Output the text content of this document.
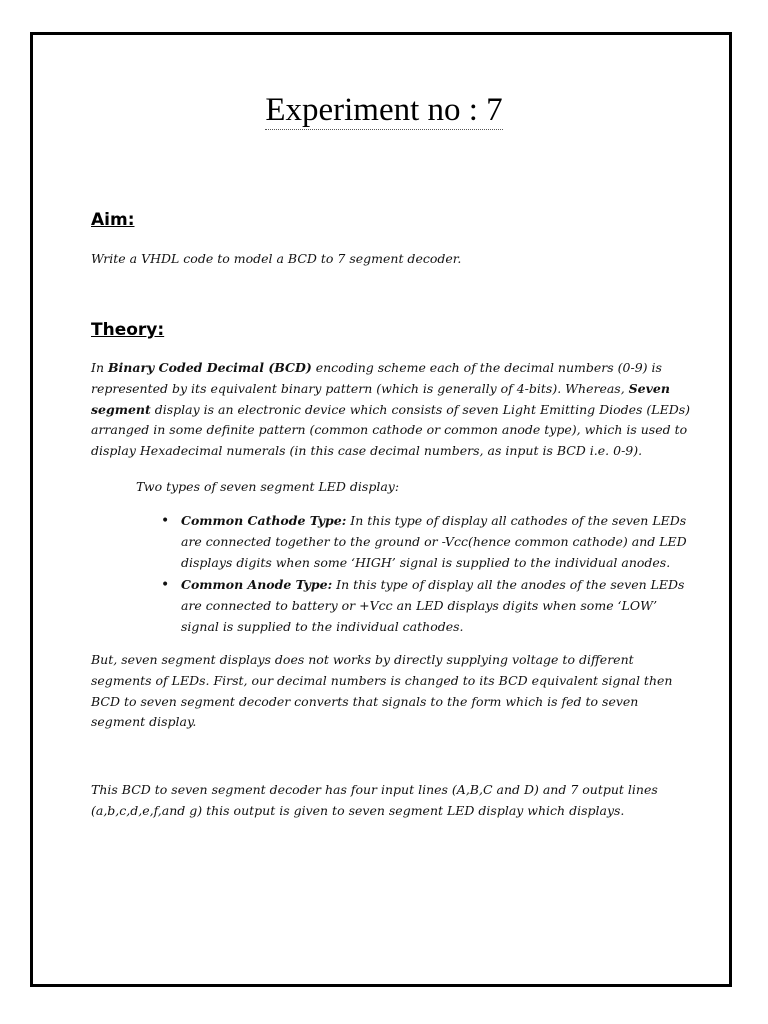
Experiment no : 7
Aim:
Write a VHDL code to model a BCD to 7 segment decoder.
Theory:
In Binary Coded Decimal (BCD) encoding scheme each of the decimal numbers (0-9) is represented by its equivalent binary pattern (which is generally of 4-bits). Whereas, Seven segment display is an electronic device which consists of seven Light Emitting Diodes (LEDs) arranged in some definite pattern (common cathode or common anode type), which is used to display Hexadecimal numerals (in this case decimal numbers, as input is BCD i.e. 0-9).
Two types of seven segment LED display:
• Common Cathode Type: In this type of display all cathodes of the seven LEDs are connected together to the ground or -Vcc(hence common cathode) and LED displays digits when some ‘HIGH’ signal is supplied to the individual anodes.
• Common Anode Type: In this type of display all the anodes of the seven LEDs are connected to battery or +Vcc an LED displays digits when some ‘LOW’ signal is supplied to the individual cathodes.
But, seven segment displays does not works by directly supplying voltage to different segments of LEDs. First, our decimal numbers is changed to its BCD equivalent signal then BCD to seven segment decoder converts that signals to the form which is fed to seven segment display.
This BCD to seven segment decoder has four input lines (A,B,C and D) and 7 output lines (a,b,c,d,e,f,and g) this output is given to seven segment LED display which displays.
